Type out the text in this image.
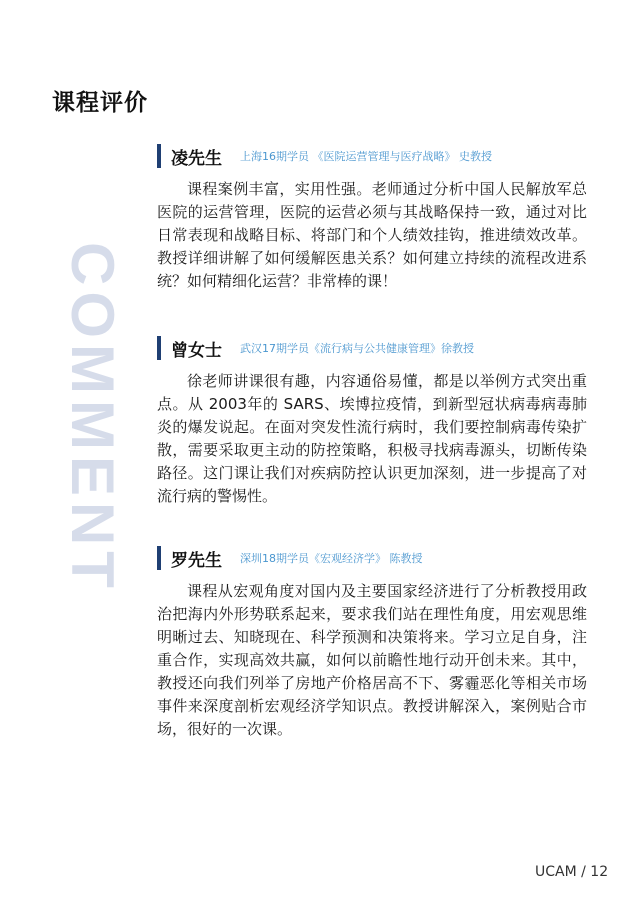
课程评价
COMMENT
凌先生 上海16期学员 《医院运营管理与医疗战略》 史教授
课程案例丰富，实用性强。老师通过分析中国人民解放军总医院的运营管理，医院的运营必须与其战略保持一致，通过对比日常表现和战略目标、将部门和个人绩效挂钩，推进绩效改革。教授详细讲解了如何缓解医患关系？如何建立持续的流程改进系统？如何精细化运营？非常棒的课！
曾女士 武汉17期学员《流行病与公共健康管理》徐教授
徐老师讲课很有趣，内容通俗易懂，都是以举例方式突出重点。从 2003年的 SARS、埃博拉疫情，到新型冠状病毒病毒肺炎的爆发说起。在面对突发性流行病时，我们要控制病毒传染扩散，需要采取更主动的防控策略，积极寻找病毒源头，切断传染路径。这门课让我们对疾病防控认识更加深刻，进一步提高了对流行病的警惕性。
罗先生 深圳18期学员《宏观经济学》 陈教授
课程从宏观角度对国内及主要国家经济进行了分析教授用政治把海内外形势联系起来，要求我们站在理性角度，用宏观思维明晰过去、知晓现在、科学预测和决策将来。学习立足自身，注重合作，实现高效共赢，如何以前瞻性地行动开创未来。其中，教授还向我们列举了房地产价格居高不下、雾霾恶化等相关市场事件来深度剖析宏观经济学知识点。教授讲解深入，案例贴合市场，很好的一次课。
UCAM / 12
